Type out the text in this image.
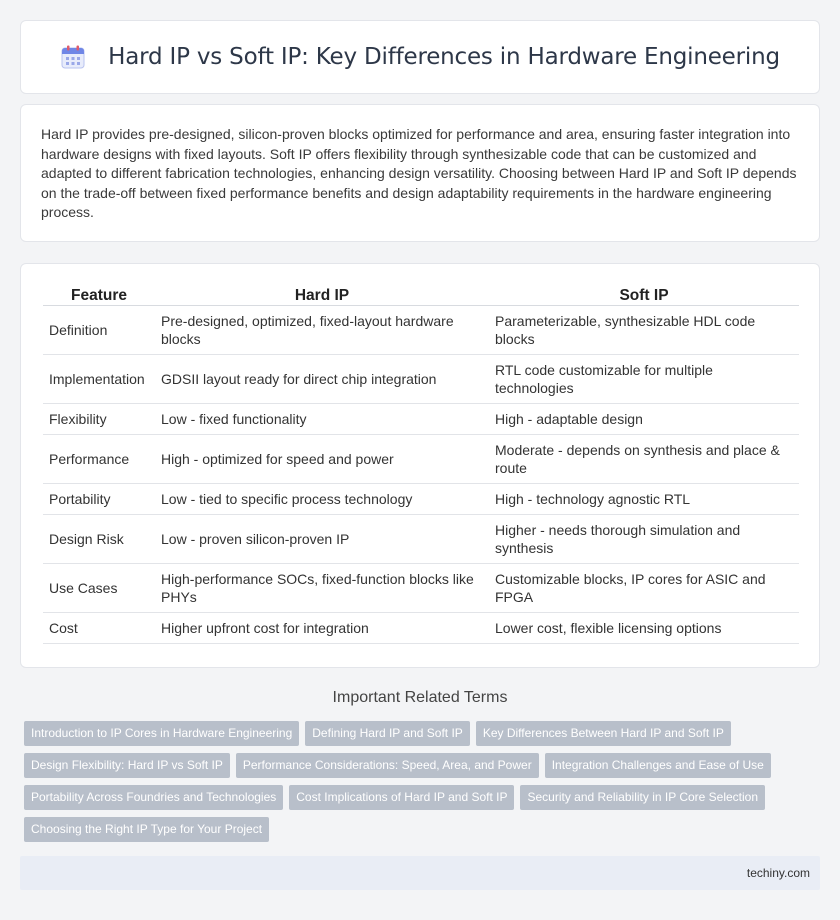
Hard IP vs Soft IP: Key Differences in Hardware Engineering

Hard IP provides pre-designed, silicon-proven blocks optimized for performance and area, ensuring faster integration into hardware designs with fixed layouts. Soft IP offers flexibility through synthesizable code that can be customized and adapted to different fabrication technologies, enhancing design versatility. Choosing between Hard IP and Soft IP depends on the trade-off between fixed performance benefits and design adaptability requirements in the hardware engineering process.

Feature	Hard IP	Soft IP
Definition	Pre-designed, optimized, fixed-layout hardware blocks	Parameterizable, synthesizable HDL code blocks
Implementation	GDSII layout ready for direct chip integration	RTL code customizable for multiple technologies
Flexibility	Low - fixed functionality	High - adaptable design
Performance	High - optimized for speed and power	Moderate - depends on synthesis and place & route
Portability	Low - tied to specific process technology	High - technology agnostic RTL
Design Risk	Low - proven silicon-proven IP	Higher - needs thorough simulation and synthesis
Use Cases	High-performance SOCs, fixed-function blocks like PHYs	Customizable blocks, IP cores for ASIC and FPGA
Cost	Higher upfront cost for integration	Lower cost, flexible licensing options
Important Related Terms
Introduction to IP Cores in Hardware Engineering Defining Hard IP and Soft IP Key Differences Between Hard IP and Soft IP
Design Flexibility: Hard IP vs Soft IP Performance Considerations: Speed, Area, and Power Integration Challenges and Ease of Use
Portability Across Foundries and Technologies Cost Implications of Hard IP and Soft IP Security and Reliability in IP Core Selection
Choosing the Right IP Type for Your Project
techiny.com
